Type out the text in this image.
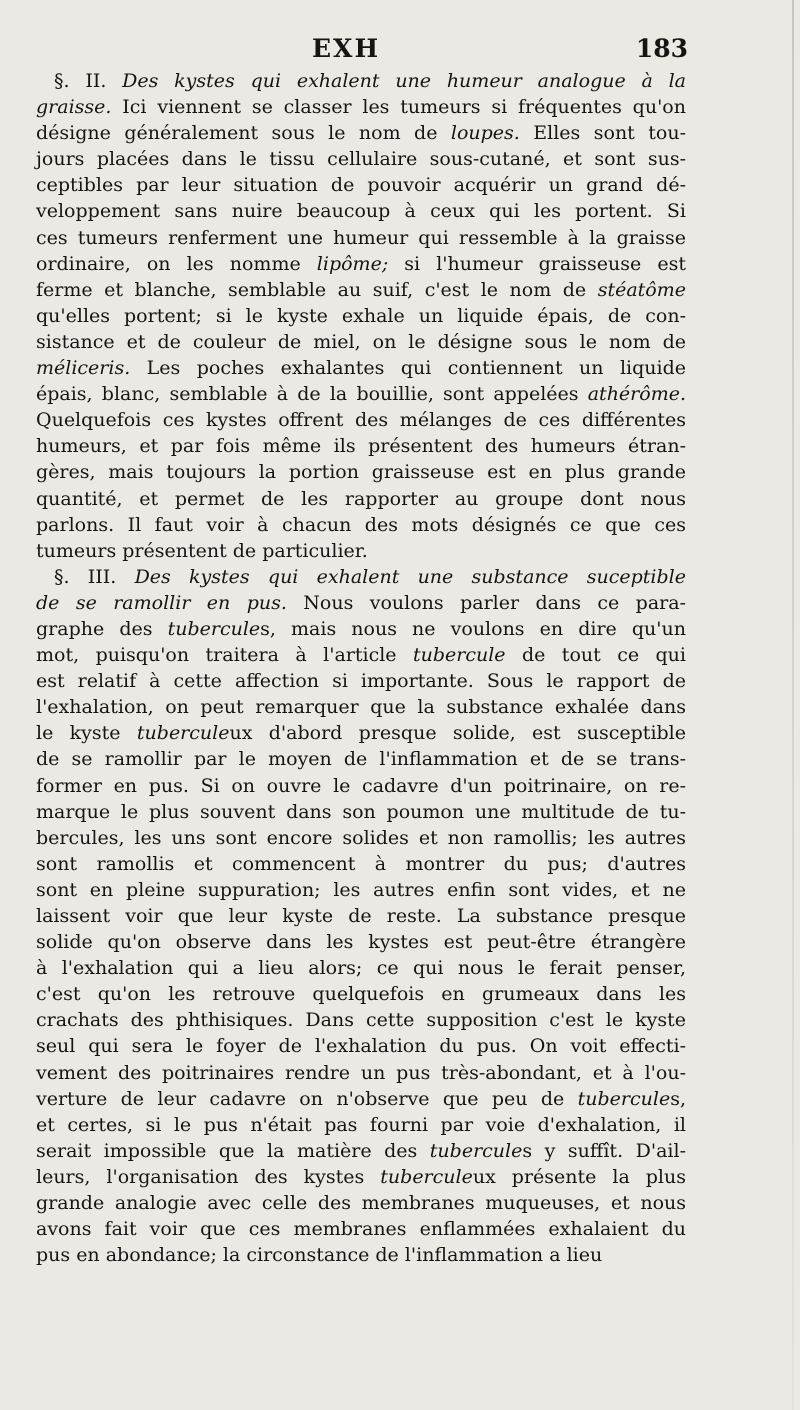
EXH	183
§. II. Des kystes qui exhalent une humeur analogue à la
graisse. Ici viennent se classer les tumeurs si fréquentes qu'on
désigne généralement sous le nom de loupes. Elles sont tou-
jours placées dans le tissu cellulaire sous-cutané, et sont sus-
ceptibles par leur situation de pouvoir acquérir un grand dé-
veloppement sans nuire beaucoup à ceux qui les portent. Si
ces tumeurs renferment une humeur qui ressemble à la graisse
ordinaire, on les nomme lipôme; si l'humeur graisseuse est
ferme et blanche, semblable au suif, c'est le nom de stéatôme
qu'elles portent; si le kyste exhale un liquide épais, de con-
sistance et de couleur de miel, on le désigne sous le nom de
méliceris. Les poches exhalantes qui contiennent un liquide
épais, blanc, semblable à de la bouillie, sont appelées athérôme.
Quelquefois ces kystes offrent des mélanges de ces différentes
humeurs, et par fois même ils présentent des humeurs étran-
gères, mais toujours la portion graisseuse est en plus grande
quantité, et permet de les rapporter au groupe dont nous
parlons. Il faut voir à chacun des mots désignés ce que ces
tumeurs présentent de particulier.
§. III. Des kystes qui exhalent une substance suceptible
de se ramollir en pus. Nous voulons parler dans ce para-
graphe des tubercules, mais nous ne voulons en dire qu'un
mot, puisqu'on traitera à l'article tubercule de tout ce qui
est relatif à cette affection si importante. Sous le rapport de
l'exhalation, on peut remarquer que la substance exhalée dans
le kyste tuberculeux d'abord presque solide, est susceptible
de se ramollir par le moyen de l'inflammation et de se trans-
former en pus. Si on ouvre le cadavre d'un poitrinaire, on re-
marque le plus souvent dans son poumon une multitude de tu-
bercules, les uns sont encore solides et non ramollis; les autres
sont ramollis et commencent à montrer du pus; d'autres
sont en pleine suppuration; les autres enfin sont vides, et ne
laissent voir que leur kyste de reste. La substance presque
solide qu'on observe dans les kystes est peut-être étrangère
à l'exhalation qui a lieu alors; ce qui nous le ferait penser,
c'est qu'on les retrouve quelquefois en grumeaux dans les
crachats des phthisiques. Dans cette supposition c'est le kyste
seul qui sera le foyer de l'exhalation du pus. On voit effecti-
vement des poitrinaires rendre un pus très-abondant, et à l'ou-
verture de leur cadavre on n'observe que peu de tubercules,
et certes, si le pus n'était pas fourni par voie d'exhalation, il
serait impossible que la matière des tubercules y suffît. D'ail-
leurs, l'organisation des kystes tuberculeux présente la plus
grande analogie avec celle des membranes muqueuses, et nous
avons fait voir que ces membranes enflammées exhalaient du
pus en abondance; la circonstance de l'inflammation a lieu
